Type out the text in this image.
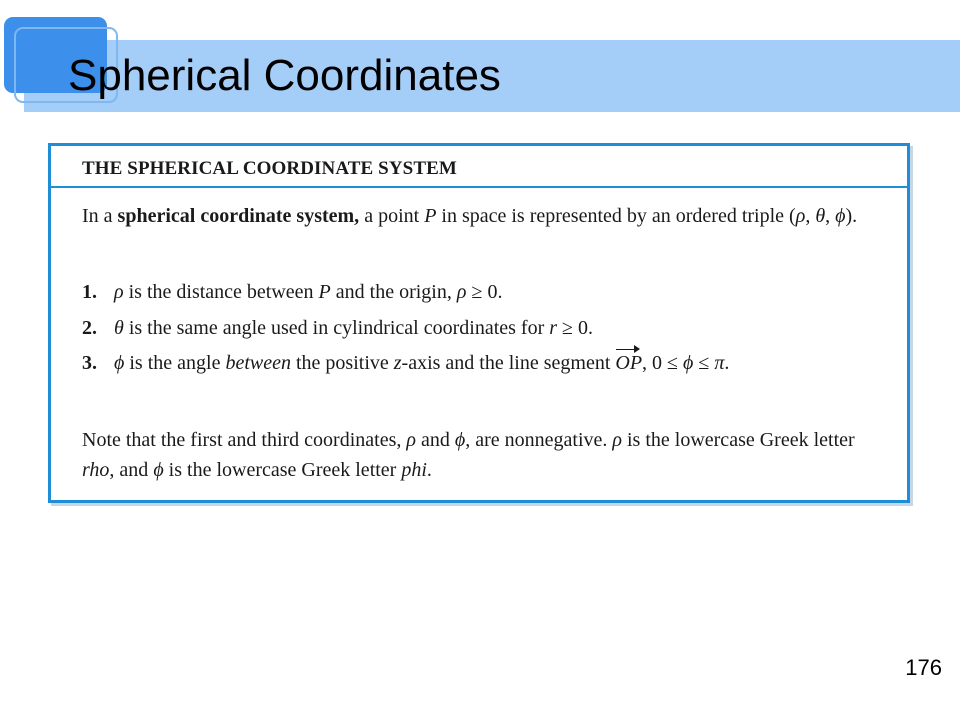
Spherical Coordinates
THE SPHERICAL COORDINATE SYSTEM
In a spherical coordinate system, a point P in space is represented by an ordered triple (ρ, θ, ϕ).
1. ρ is the distance between P and the origin, ρ ≥ 0.
2. θ is the same angle used in cylindrical coordinates for r ≥ 0.
3. ϕ is the angle between the positive z-axis and the line segment OP, 0 ≤ ϕ ≤ π.
Note that the first and third coordinates, ρ and ϕ, are nonnegative. ρ is the lowercase Greek letter rho, and ϕ is the lowercase Greek letter phi.
176
